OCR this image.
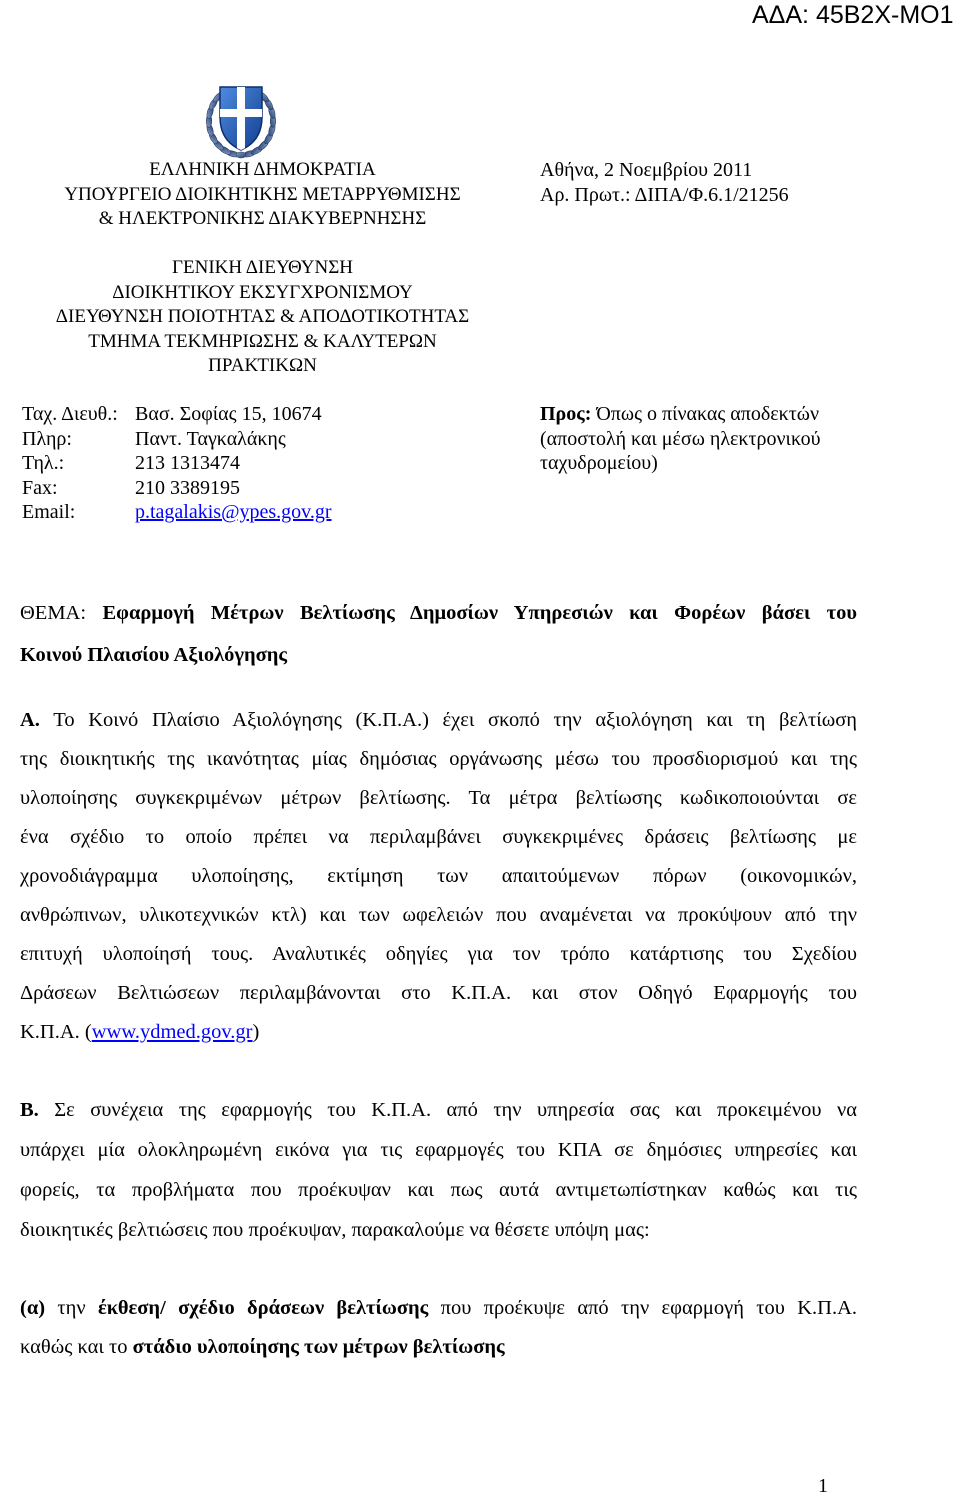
ΑΔΑ: 45Β2Χ-ΜΟ1
ΕΛΛΗΝΙΚΗ ΔΗΜΟΚΡΑΤΙΑ
ΥΠΟΥΡΓΕΙΟ ΔΙΟΙΚΗΤΙΚΗΣ ΜΕΤΑΡΡΥΘΜΙΣΗΣ
& ΗΛΕΚΤΡΟΝΙΚΗΣ ΔΙΑΚΥΒΕΡΝΗΣΗΣ
Αθήνα, 2 Νοεμβρίου 2011
Αρ. Πρωτ.: ΔΙΠΑ/Φ.6.1/21256
ΓΕΝΙΚΗ ΔΙΕΥΘΥΝΣΗ
ΔΙΟΙΚΗΤΙΚΟΥ ΕΚΣΥΓΧΡΟΝΙΣΜΟΥ
ΔΙΕΥΘΥΝΣΗ ΠΟΙΟΤΗΤΑΣ & ΑΠΟΔΟΤΙΚΟΤΗΤΑΣ
ΤΜΗΜΑ ΤΕΚΜΗΡΙΩΣΗΣ & ΚΑΛΥΤΕΡΩΝ
ΠΡΑΚΤΙΚΩΝ
Ταχ. Διευθ.: Βασ. Σοφίας 15, 10674
Πληρ:	Παντ. Ταγκαλάκης
Τηλ.:	213 1313474
Fax:	210 3389195
Email:	p.tagalakis@ypes.gov.gr
Προς: Όπως ο πίνακας αποδεκτών
(αποστολή και μέσω ηλεκτρονικού
ταχυδρομείου)
ΘΕΜΑ: Εφαρμογή Μέτρων Βελτίωσης Δημοσίων Υπηρεσιών και Φορέων βάσει του
Κοινού Πλαισίου Αξιολόγησης
Α. Το Κοινό Πλαίσιο Αξιολόγησης (Κ.Π.Α.) έχει σκοπό την αξιολόγηση και τη βελτίωση
της διοικητικής της ικανότητας μίας δημόσιας οργάνωσης μέσω του προσδιορισμού και της
υλοποίησης συγκεκριμένων μέτρων βελτίωσης. Τα μέτρα βελτίωσης κωδικοποιούνται σε
ένα σχέδιο το οποίο πρέπει να περιλαμβάνει συγκεκριμένες δράσεις βελτίωσης με
χρονοδιάγραμμα υλοποίησης, εκτίμηση των απαιτούμενων πόρων (οικονομικών,
ανθρώπινων, υλικοτεχνικών κτλ) και των ωφελειών που αναμένεται να προκύψουν από την
επιτυχή υλοποίησή τους. Αναλυτικές οδηγίες για τον τρόπο κατάρτισης του Σχεδίου
Δράσεων Βελτιώσεων περιλαμβάνονται στο Κ.Π.Α. και στον Οδηγό Εφαρμογής του
Κ.Π.Α. (www.ydmed.gov.gr)
Β. Σε συνέχεια της εφαρμογής του Κ.Π.Α. από την υπηρεσία σας και προκειμένου να
υπάρχει μία ολοκληρωμένη εικόνα για τις εφαρμογές του ΚΠΑ σε δημόσιες υπηρεσίες και
φορείς, τα προβλήματα που προέκυψαν και πως αυτά αντιμετωπίστηκαν καθώς και τις
διοικητικές βελτιώσεις που προέκυψαν, παρακαλούμε να θέσετε υπόψη μας:
(α) την έκθεση/ σχέδιο δράσεων βελτίωσης που προέκυψε από την εφαρμογή του Κ.Π.Α.
καθώς και το στάδιο υλοποίησης των μέτρων βελτίωσης
1
